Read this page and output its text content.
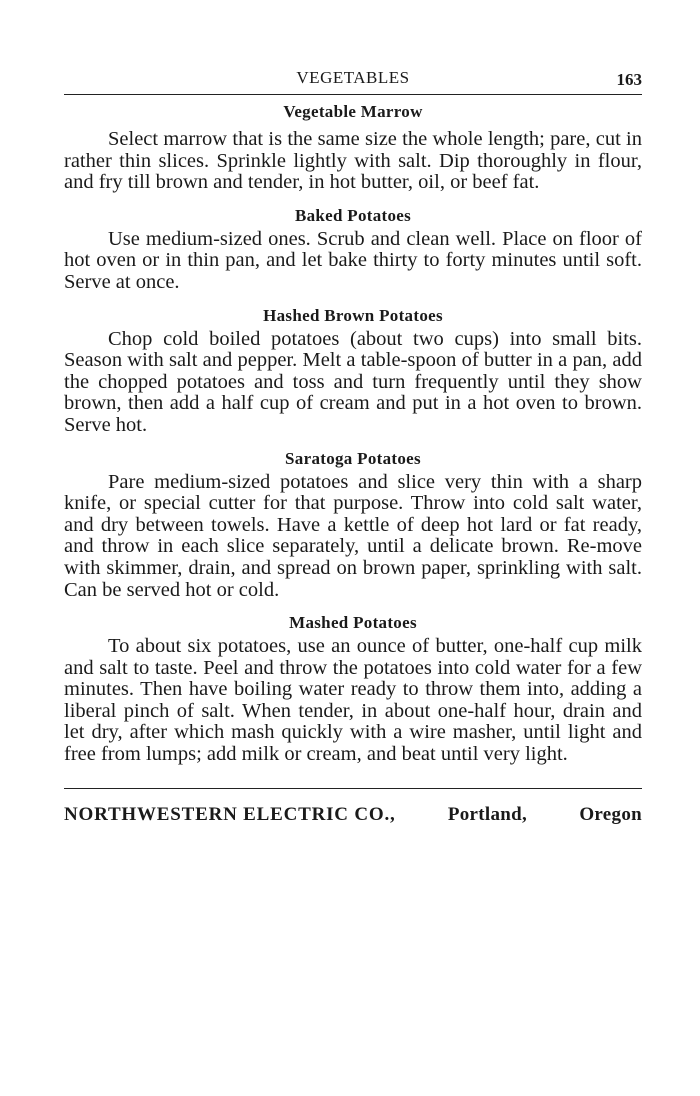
VEGETABLES	163
Vegetable Marrow

Select marrow that is the same size the whole length; pare, cut in rather thin slices. Sprinkle lightly with salt. Dip thoroughly in flour, and fry till brown and tender, in hot butter, oil, or beef fat.

Baked Potatoes

Use medium-sized ones. Scrub and clean well. Place on floor of hot oven or in thin pan, and let bake thirty to forty minutes until soft. Serve at once.

Hashed Brown Potatoes

Chop cold boiled potatoes (about two cups) into small bits. Season with salt and pepper. Melt a table-spoon of butter in a pan, add the chopped potatoes and toss and turn frequently until they show brown, then add a half cup of cream and put in a hot oven to brown. Serve hot.

Saratoga Potatoes

Pare medium-sized potatoes and slice very thin with a sharp knife, or special cutter for that purpose. Throw into cold salt water, and dry between towels. Have a kettle of deep hot lard or fat ready, and throw in each slice separately, until a delicate brown. Re-move with skimmer, drain, and spread on brown paper, sprinkling with salt. Can be served hot or cold.

Mashed Potatoes

To about six potatoes, use an ounce of butter, one-half cup milk and salt to taste. Peel and throw the potatoes into cold water for a few minutes. Then have boiling water ready to throw them into, adding a liberal pinch of salt. When tender, in about one-half hour, drain and let dry, after which mash quickly with a wire masher, until light and free from lumps; add milk or cream, and beat until very light.

NORTHWESTERN ELECTRIC CO.,	Portland,	Oregon
